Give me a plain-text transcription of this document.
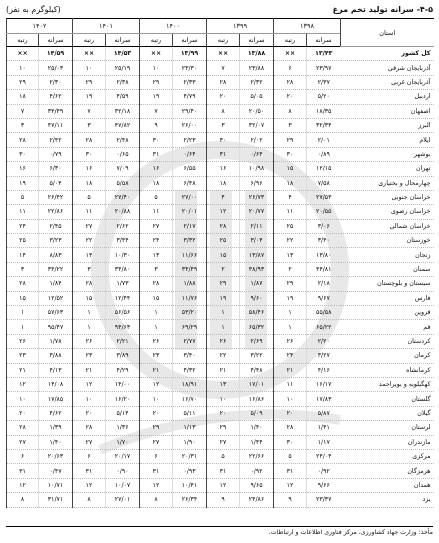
۴-۵- سرانه تولید تخم مرغ
(کیلوگرم به نفر)
استان	۱۳۹۸		۱۳۹۹		۱۴۰۰		۱۴۰۱		۱۴۰۲	
	سرانه	رتبه	سرانه	رتبه	سرانه	رتبه	سرانه	رتبه	سرانه	رتبه
کل کشور	۱۳/۴۳	××	۱۳/۸۸	××	۱۳/۹۹	××	۱۴/۵۳	××	۱۴/۵۹	××
آذربایجان شرقی	۲۳/۹۷	۶	۲۳/۸۸	۷	۲۳/۳۰	۱۰	۲۵/۱۹	۱۰	۲۵/۰۳	۱۰
آذربایجان غربی	۲/۳۷	۲۸	۲/۳۲	۲۸	۲/۳۳	۲۹	۲/۳۸	۲۹	۲/۳۰	۲۹
اردبیل	۵/۲۰	۲۰	۵/۰۵	۲۰	۴/۷۹	۱۹	۴/۵۹	۱۹	۴/۶۲	۱۸
اصفهان	۱۸/۳۵	۸	۲۰/۵۰	۸	۲۹/۴۰	۷	۳۲/۱۸	۷	۳۴/۴۹	۷
البرز	۳۲/۳۴	۳	۳۲/۰۷	۳	۲۶/۰۰	۹	۴۷/۸۲	۳	۴۷/۱۱	۳
ایلام	۲/۰۱	۲۹	۲/۰۲	۳۰	۲/۲۳	۳۰	۲/۴۸	۲۸	۲/۴۲	۲۸
بوشهر	۰/۸۹	۳۰	۰/۶۴	۳۱	۰/۶۴	۳۱	۰/۶۵	۳۰	۰/۷۹	۳۰
تهران	۱۲/۱۵	۱۵	۱۰/۹۸	۱۶	۶/۵۵	۱۶	۷/۰۹	۱۶	۶/۳۰	۱۶
چهارمحال و بختیاری	۷/۵۸	۱۸	۶/۹۶	۱۸	۶/۴۸	۱۸	۵/۵۸	۱۸	۵/۰۴	۱۹
خراسان جنوبی	۲۷/۵۳	۴	۲۶/۷۳	۴	۲۷/۰۰	۵	۲۷/۴۰	۵	۲۶/۴۲	۵
خراسان رضوی	۲۰/۵۵	۱۱	۲۰/۷۷	۱۲	۲۰/۰۱	۱۱	۲۰/۸۸	۱۱	۲۲/۸۶	۱۱
خراسان شمالی	۳/۰۶	۲۵	۲/۱۱	۲۸	۲/۱۷	۲۷	۲/۶۲	۲۷	۲/۴۵	۲۴
خوزستان	۳/۴۰	۲۲	۳/۰۴	۲۵	۳/۳۲	۲۴	۳/۴۴	۲۲	۳/۲۳	۲۵
زنجان	۱۳/۸۰	۱۳	۱۳/۸۷	۱۵	۱۱/۶۶	۱۳	۱۰/۳۰	۱۴	۸/۸۳	۱۴
سمنان	۴۴/۸۱	۲	۳۸/۹۳	۲	۳۴/۴۹	۳	۳۴/۸۰	۳	۳۴/۲۲	۳
سیستان و بلوچستان	۲/۱۸	۲۹	۱/۸۷	۲۹	۱/۸۸	۲۸	۱/۷۳	۲۸	۱/۸۴	۲۸
فارس	۹/۶۷	۱۹	۹/۶۰	۱۹	۱۱/۷۶	۱۵	۱۲/۴۴	۱۵	۱۲/۵۲	۱۵
قزوین	۵۵/۵۸	۱	۵۸/۴۶	۱	۵۳/۲۰	۱	۵۶/۵۶	۱	۵۷/۶۳	۱
قم	۶۵/۲۲	۱	۶۵/۳۲	۱	۶۹/۲۹	۱	۹۴/۶۳	۱	۹۵/۴۷	۱
کردستان	۲/۲۰	۲۶	۲/۶۹	۲۶	۲/۷۷	۲۶	۲/۲۱	۲۶	۱/۷۸	۲۶
کرمان	۳/۲۷	۲۳	۳/۲۲	۲۲	۳/۴۰	۲۳	۳/۸۹	۲۳	۳/۸۸	۲۳
کرمانشاه	۴/۱۶	۲۱	۴/۴۸	۲۱	۴/۳۲	۲۱	۴/۲۹	۲۱	۴/۱۳	۲۱
کهگیلویه و بویراحمد	۱۶/۱۷	۱۱	۱۷/۰۱	۱۳	۱۸/۹۱	۱۲	۱۴/۰۰	۱۲	۱۴/۰۸	۱۲
گلستان	۱۷/۸۳	۱۰	۱۶/۸۶	۱۰	۱۶/۷۰	۱۰	۱۶/۲۰	۱۰	۱۷/۸۵	۱۰
گیلان	۵/۸۷	۲۰	۵/۰۹	۲۰	۵/۱۱	۲۰	۵/۱۴	۲۰	۴/۶۲	۲۰
لرستان	۱/۴۱	۲۸	۱/۴۰	۲۹	۱/۱۳	۲۹	۱/۳۶	۲۸	۱/۳۹	۲۸
مازندران	۱/۱۷	۳۰	۱/۴۴	۲۷	۱/۹۰	۲۷	۱/۷۰	۲۷	۱/۴۰	۲۷
مرکزی	۲۴/۰۴	۵	۲۲/۶۶	۵	۲۰/۳۱	۶	۲۰/۱۷	۶	۲۰/۶۳	۶
هرمزگان	۰/۹۲	۳۱	۰/۹۲	۳۱	۰/۹۳	۳۱	۰/۹۰	۳۱	۰/۴۷	۳۱
همدان	۹/۶۶	۱۲	۹/۶۵	۱۲	۱۰/۴۱	۱۲	۱۰/۰۷	۱۲	۱۰/۷۱	۱۲
یزد	۲۳/۳۷	۹	۲۴/۸۶	۹	۲۶/۳۴	۸	۲۷/۰۱	۸	۳۱/۷۱	۸
مأخذ: وزارت جهاد کشاورزی، مرکز فناوری اطلاعات و ارتباطات.
